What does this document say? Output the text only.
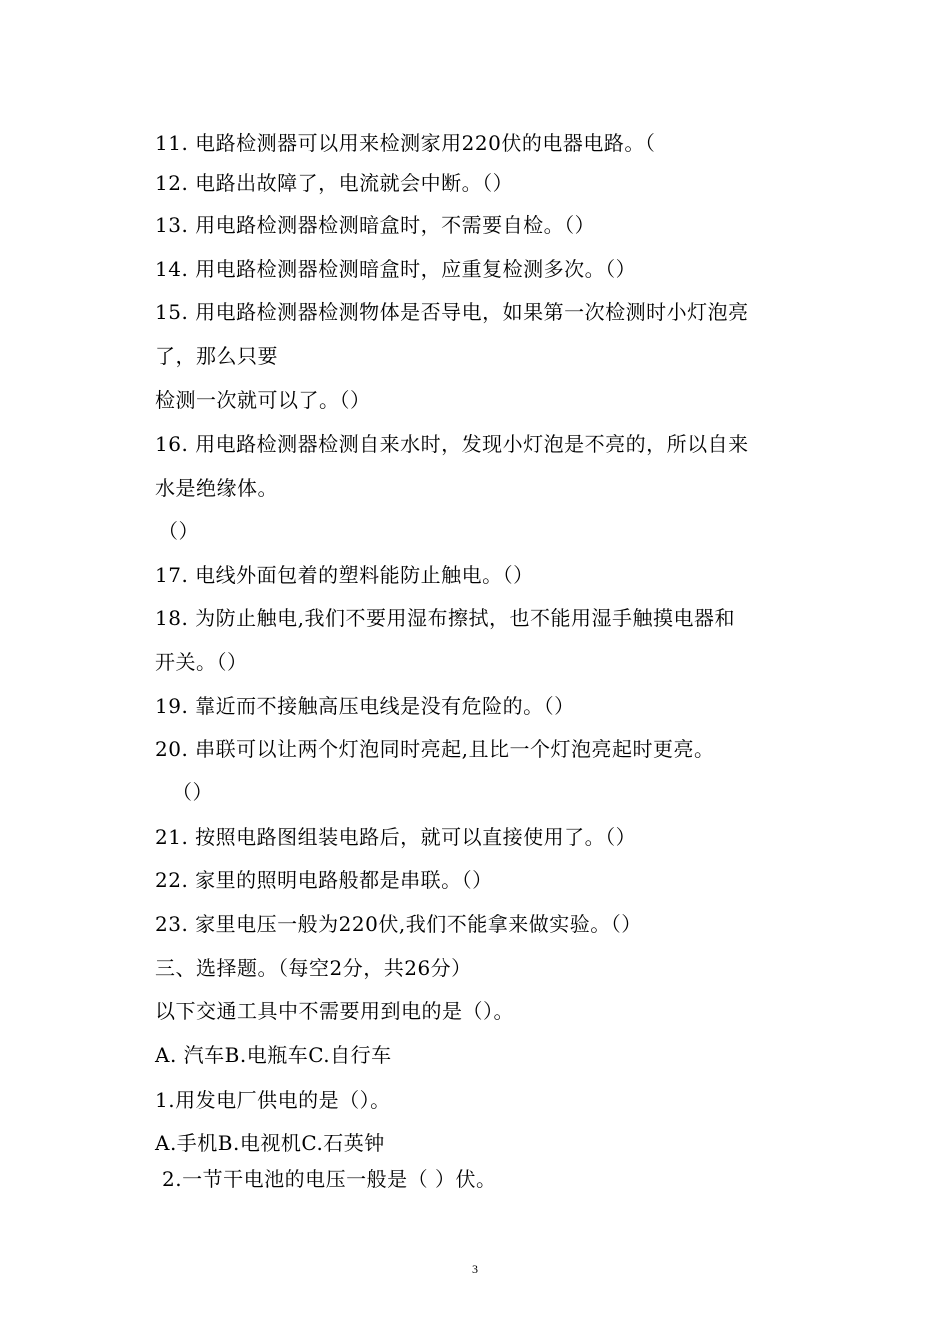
11. 电路检测器可以用来检测家用220伏的电器电路。（
12. 电路出故障了，电流就会中断。（）
13. 用电路检测器检测暗盒时，不需要自检。（）
14. 用电路检测器检测暗盒时，应重复检测多次。（）
15. 用电路检测器检测物体是否导电，如果第一次检测时小灯泡亮
了，那么只要
检测一次就可以了。（）
16. 用电路检测器检测自来水时，发现小灯泡是不亮的，所以自来
水是绝缘体。
（）
17. 电线外面包着的塑料能防止触电。（）
18. 为防止触电,我们不要用湿布擦拭，也不能用湿手触摸电器和
开关。（）
19. 靠近而不接触高压电线是没有危险的。（）
20. 串联可以让两个灯泡同时亮起,且比一个灯泡亮起时更亮。
（）
21. 按照电路图组装电路后，就可以直接使用了。（）
22. 家里的照明电路般都是串联。（）
23. 家里电压一般为220伏,我们不能拿来做实验。（）
三、选择题。（每空2分，共26分）
以下交通工具中不需要用到电的是（）。
A. 汽车B.电瓶车C.自行车
1.用发电厂供电的是（）。
A.手机B.电视机C.石英钟
2.一节干电池的电压一般是（ ）伏。
3
